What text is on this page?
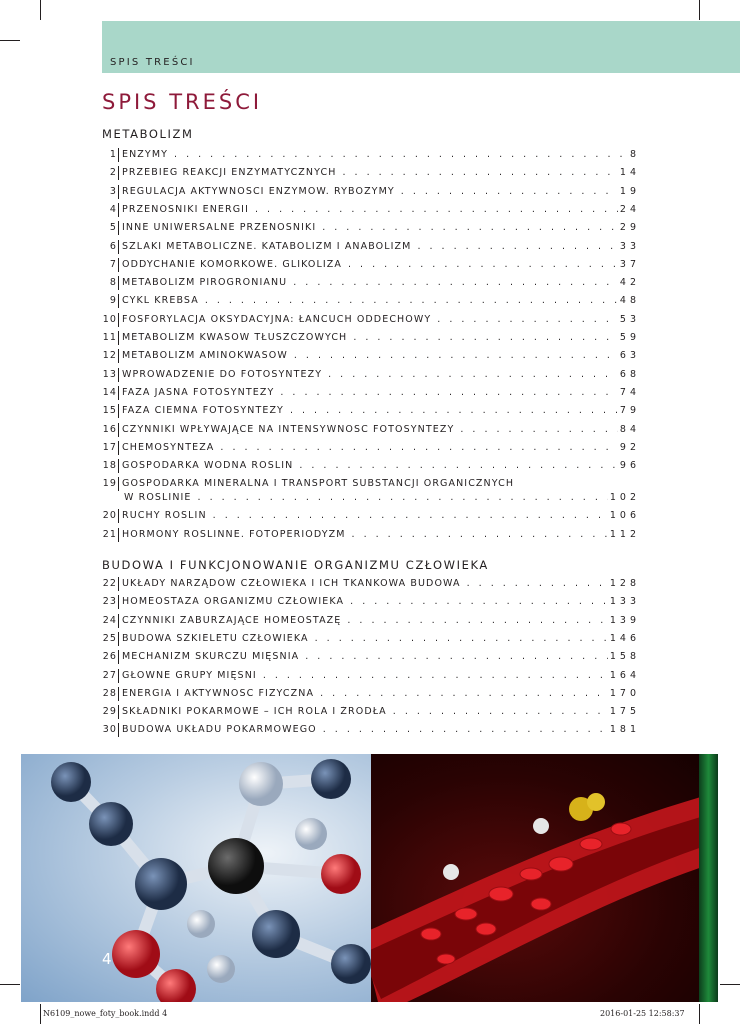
SPIS TREŚCI
SPIS TREŚCI
METABOLIZM
1 ENZYMY . . .	8
2 PRZEBIEG REAKCJI ENZYMATYCZNYCH . . .	14
3 REGULACJA AKTYWNOŚCI ENZYMÓW. RYBOZYMY . . .	19
4 PRZENOŚNIKI ENERGII . . .	24
5 INNE UNIWERSALNE PRZENOŚNIKI . . .	29
6 SZLAKI METABOLICZNE. KATABOLIZM I ANABOLIZM . . .	33
7 ODDYCHANIE KOMÓRKOWE. GLIKOLIZA . . .	37
8 METABOLIZM PIROGRONIANU . . .	42
9 CYKL KREBSA . . .	48
10 FOSFORYLACJA OKSYDACYJNA: ŁAŃCUCH ODDECHOWY . . .	53
11 METABOLIZM KWASÓW TŁUSZCZOWYCH . . .	59
12 METABOLIZM AMINOKWASÓW . . .	63
13 WPROWADZENIE DO FOTOSYNTEZY . . .	68
14 FAZA JASNA FOTOSYNTEZY . . .	74
15 FAZA CIEMNA FOTOSYNTEZY . . .	79
16 CZYNNIKI WPŁYWAJĄCE NA INTENSYWNOŚĆ FOTOSYNTEZY . . .	84
17 CHEMOSYNTEZA . . .	92
18 GOSPODARKA WODNA ROŚLIN . . .	96
19 GOSPODARKA MINERALNA I TRANSPORT SUBSTANCJI ORGANICZNYCH
W ROŚLINIE . . .	102
20 RUCHY ROŚLIN . . .	106
21 HORMONY ROŚLINNE. FOTOPERIODYZM . . .	112
BUDOWA I FUNKCJONOWANIE ORGANIZMU CZŁOWIEKA
22 UKŁADY NARZĄDÓW CZŁOWIEKA I ICH TKANKOWA BUDOWA . . .	128
23 HOMEOSTAZA ORGANIZMU CZŁOWIEKA . . .	133
24 CZYNNIKI ZABURZAJĄCE HOMEOSTAZĘ . . .	139
25 BUDOWA SZKIELETU CZŁOWIEKA . . .	146
26 MECHANIZM SKURCZU MIĘŚNIA . . .	158
27 GŁÓWNE GRUPY MIĘŚNI . . .	164
28 ENERGIA I AKTYWNOŚĆ FIZYCZNA . . .	170
29 SKŁADNIKI POKARMOWE – ICH ROLA I ŹRÓDŁA . . .	175
30 BUDOWA UKŁADU POKARMOWEGO . . .	181
4
N6109_nowe_foty_book.indd 4	2016-01-25 12:58:37
